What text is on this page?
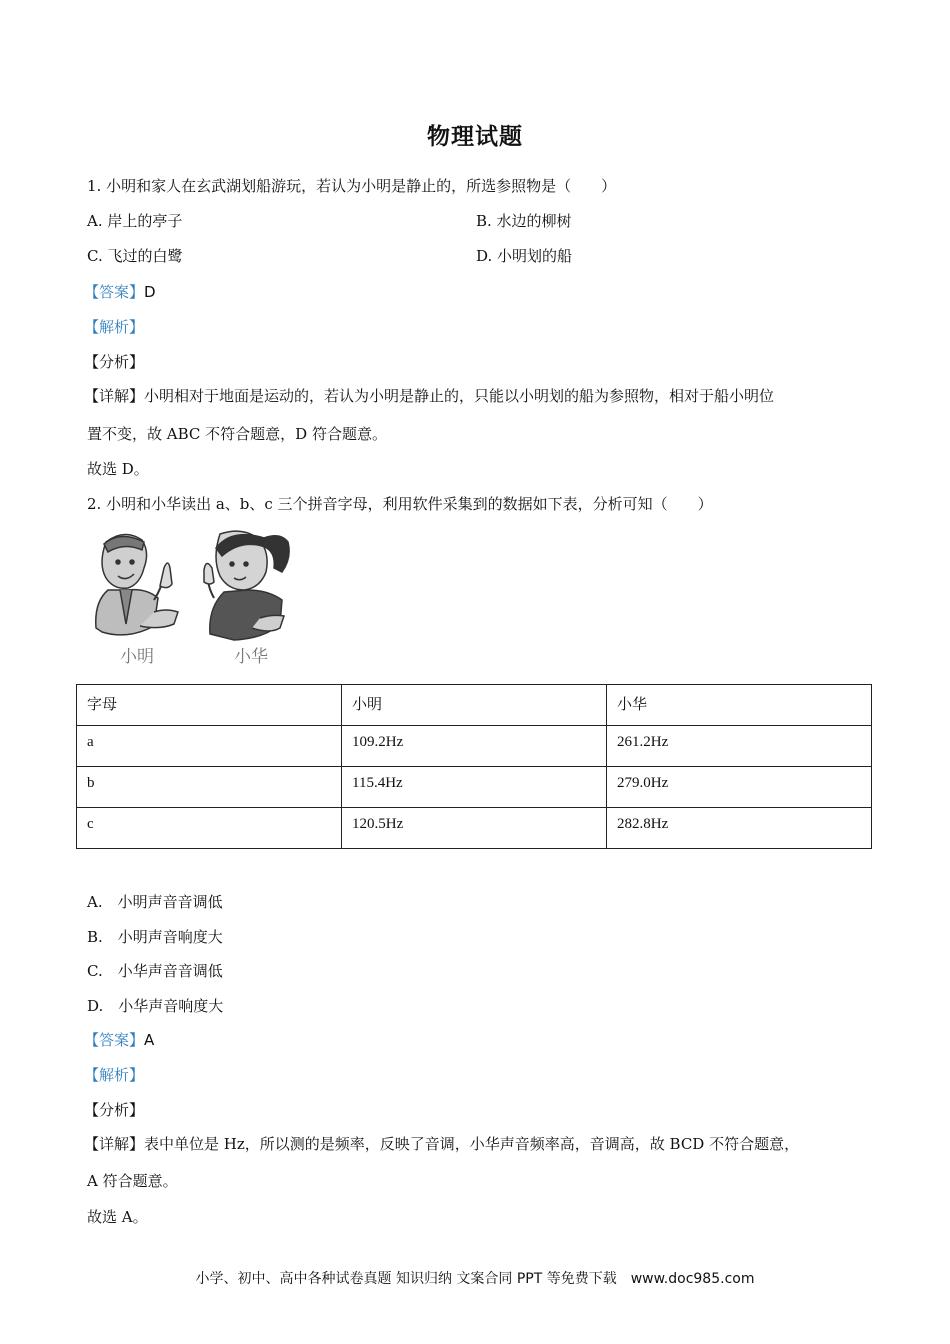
物理试题
1. 小明和家人在玄武湖划船游玩，若认为小明是静止的，所选参照物是（　　）
A. 岸上的亭子	B. 水边的柳树
C. 飞过的白鹭	D. 小明划的船
【答案】D
【解析】
【分析】
【详解】小明相对于地面是运动的，若认为小明是静止的，只能以小明划的船为参照物，相对于船小明位
置不变，故 ABC 不符合题意，D 符合题意。
故选 D。
2. 小明和小华读出 a、b、c 三个拼音字母，利用软件采集到的数据如下表，分析可知（　　）
小明	小华
字母	小明	小华
a	109.2Hz	261.2Hz
b	115.4Hz	279.0Hz
c	120.5Hz	282.8Hz
A.　小明声音音调低
B.　小明声音响度大
C.　小华声音音调低
D.　小华声音响度大
【答案】A
【解析】
【分析】
【详解】表中单位是 Hz，所以测的是频率，反映了音调，小华声音频率高，音调高，故 BCD 不符合题意，
A 符合题意。
故选 A。
小学、初中、高中各种试卷真题 知识归纳 文案合同 PPT 等免费下载　www.doc985.com
